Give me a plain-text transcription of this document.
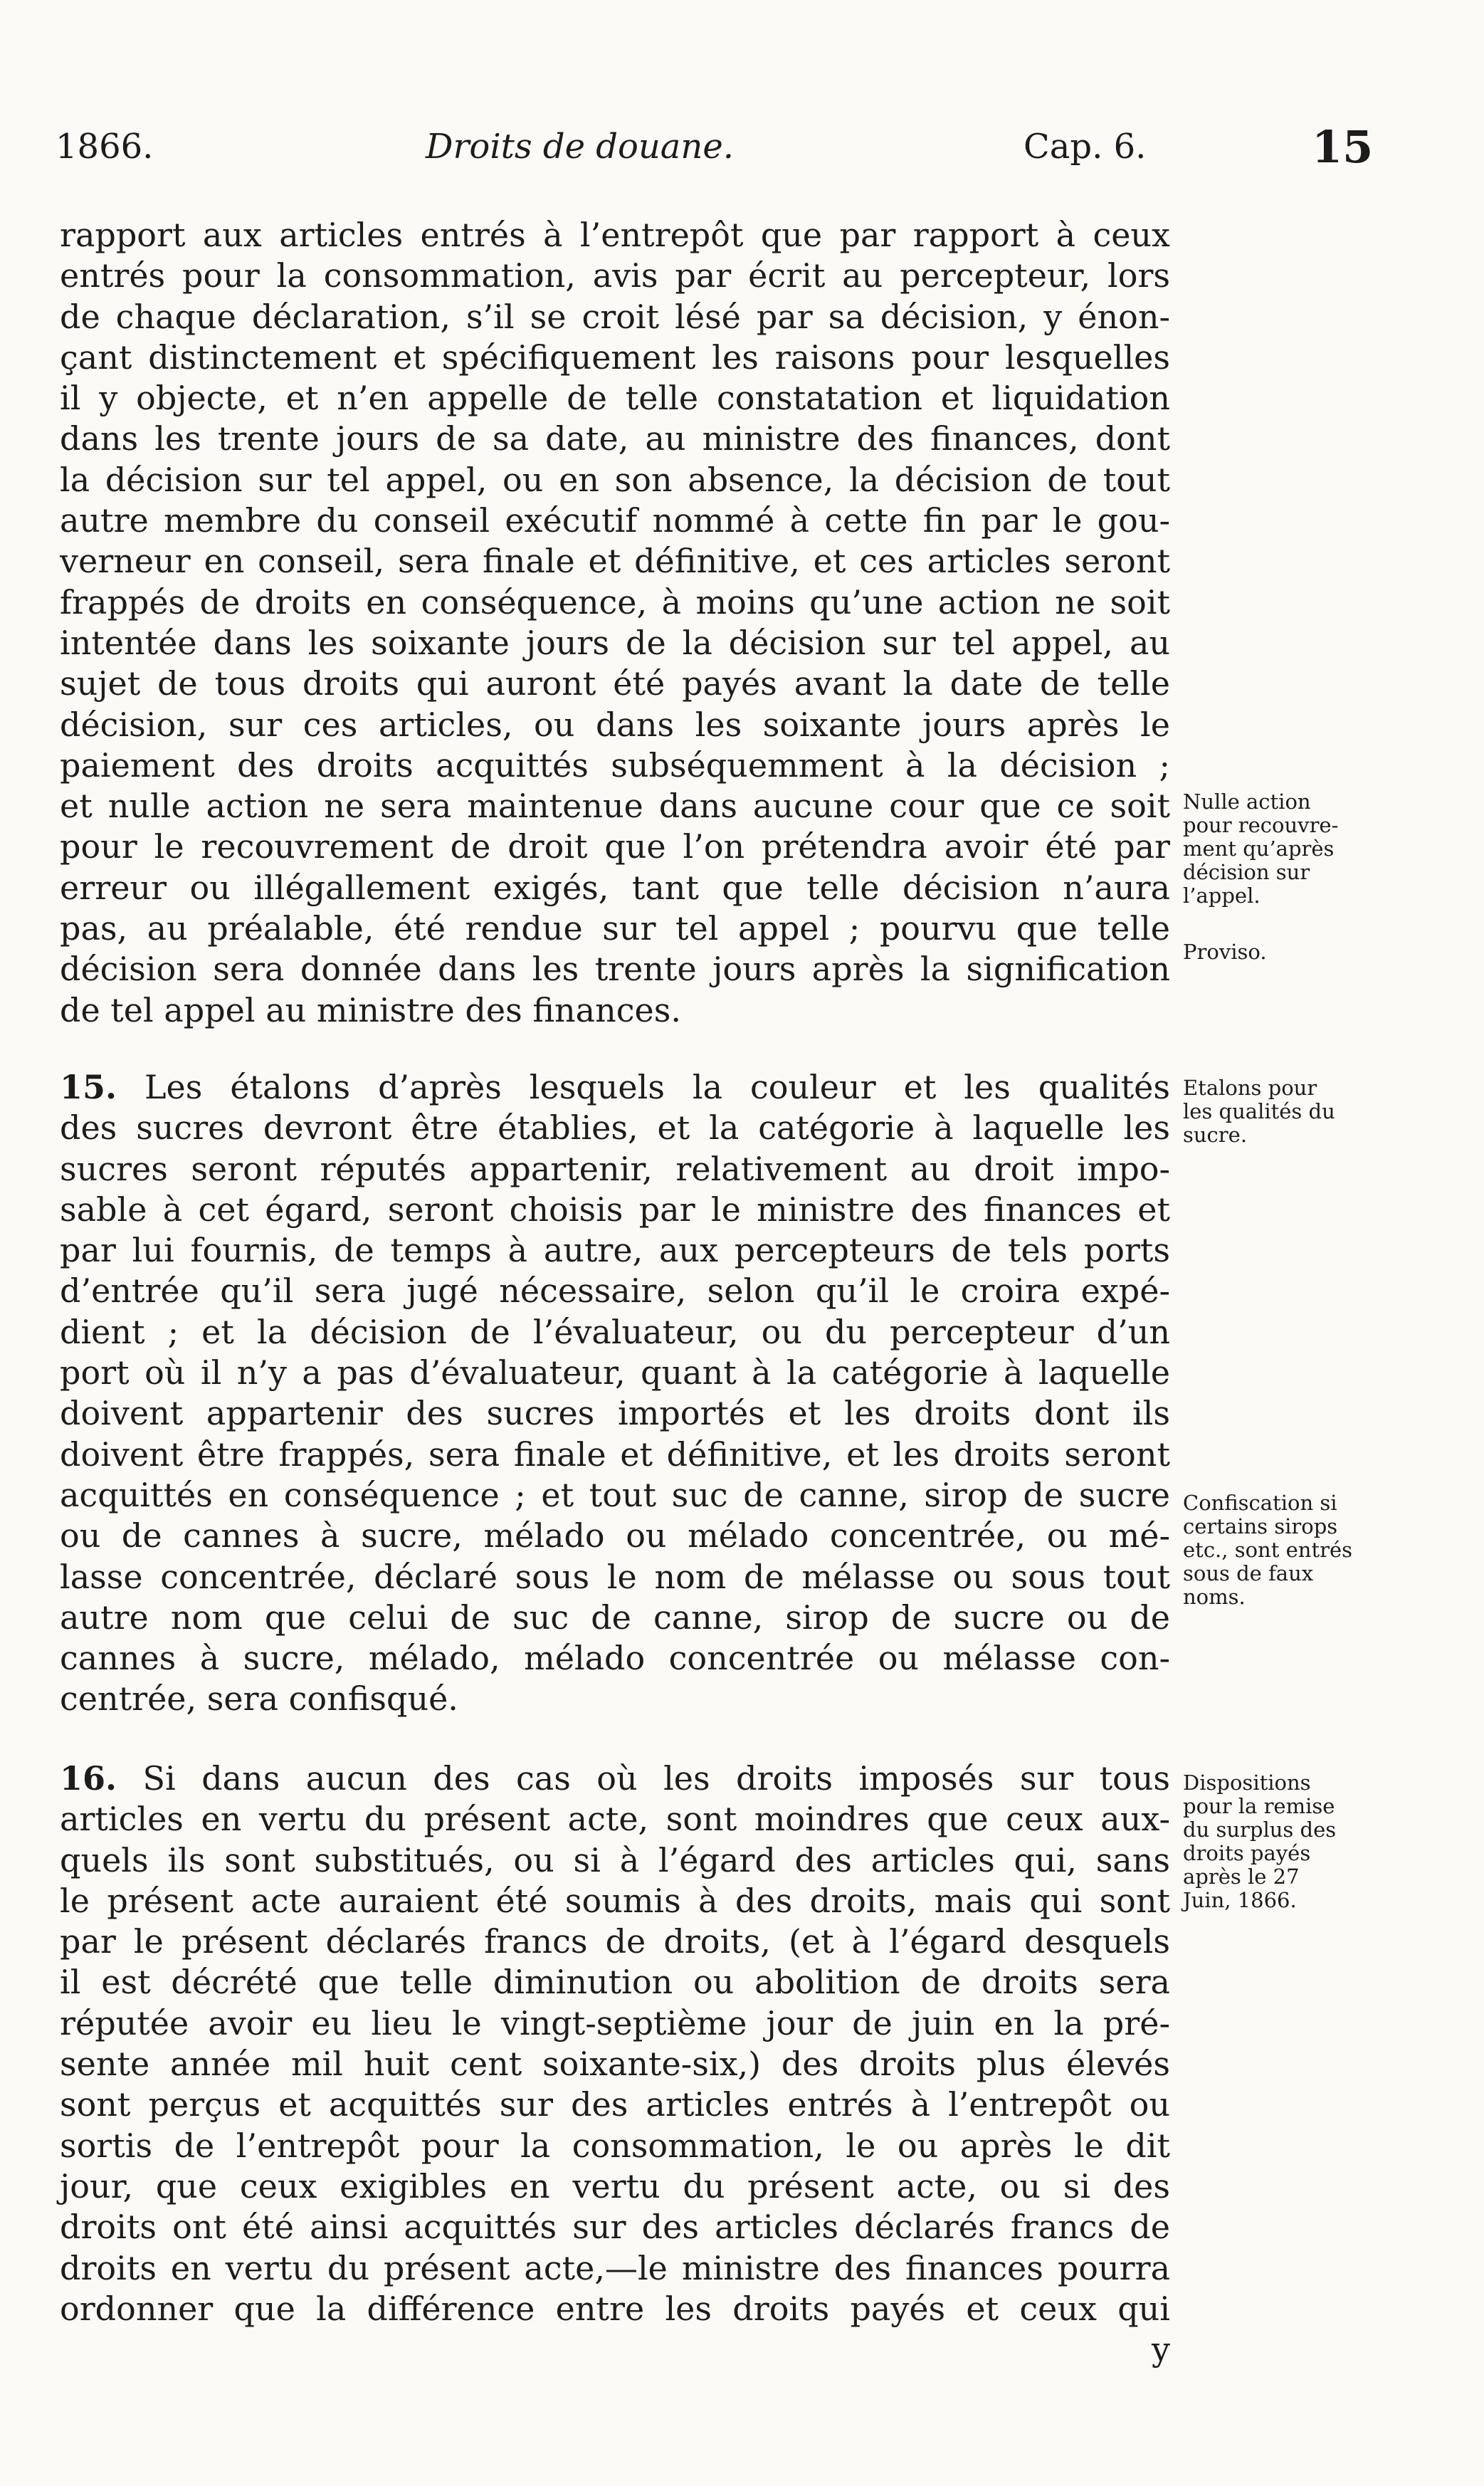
1866.	Droits de douane.	Cap. 6.	15
rapport aux articles entrés à l’entrepôt que par rapport à ceux
entrés pour la consommation, avis par écrit au percepteur, lors
de chaque déclaration, s’il se croit lésé par sa décision, y énon-
çant distinctement et spécifiquement les raisons pour lesquelles
il y objecte, et n’en appelle de telle constatation et liquidation
dans les trente jours de sa date, au ministre des finances, dont
la décision sur tel appel, ou en son absence, la décision de tout
autre membre du conseil exécutif nommé à cette fin par le gou-
verneur en conseil, sera finale et définitive, et ces articles seront
frappés de droits en conséquence, à moins qu’une action ne soit
intentée dans les soixante jours de la décision sur tel appel, au
sujet de tous droits qui auront été payés avant la date de telle
décision, sur ces articles, ou dans les soixante jours après le
paiement des droits acquittés subséquemment à la décision ;
et nulle action ne sera maintenue dans aucune cour que ce soit
pour le recouvrement de droit que l’on prétendra avoir été par
erreur ou illégallement exigés, tant que telle décision n’aura
pas, au préalable, été rendue sur tel appel ; pourvu que telle
décision sera donnée dans les trente jours après la signification
de tel appel au ministre des finances.
15. Les étalons d’après lesquels la couleur et les qualités
des sucres devront être établies, et la catégorie à laquelle les
sucres seront réputés appartenir, relativement au droit impo-
sable à cet égard, seront choisis par le ministre des finances et
par lui fournis, de temps à autre, aux percepteurs de tels ports
d’entrée qu’il sera jugé nécessaire, selon qu’il le croira expé-
dient ; et la décision de l’évaluateur, ou du percepteur d’un
port où il n’y a pas d’évaluateur, quant à la catégorie à laquelle
doivent appartenir des sucres importés et les droits dont ils
doivent être frappés, sera finale et définitive, et les droits seront
acquittés en conséquence ; et tout suc de canne, sirop de sucre
ou de cannes à sucre, mélado ou mélado concentrée, ou mé-
lasse concentrée, déclaré sous le nom de mélasse ou sous tout
autre nom que celui de suc de canne, sirop de sucre ou de
cannes à sucre, mélado, mélado concentrée ou mélasse con-
centrée, sera confisqué.
16. Si dans aucun des cas où les droits imposés sur tous
articles en vertu du présent acte, sont moindres que ceux aux-
quels ils sont substitués, ou si à l’égard des articles qui, sans
le présent acte auraient été soumis à des droits, mais qui sont
par le présent déclarés francs de droits, (et à l’égard desquels
il est décrété que telle diminution ou abolition de droits sera
réputée avoir eu lieu le vingt-septième jour de juin en la pré-
sente année mil huit cent soixante-six,) des droits plus élevés
sont perçus et acquittés sur des articles entrés à l’entrepôt ou
sortis de l’entrepôt pour la consommation, le ou après le dit
jour, que ceux exigibles en vertu du présent acte, ou si des
droits ont été ainsi acquittés sur des articles déclarés francs de
droits en vertu du présent acte,—le ministre des finances pourra
ordonner que la différence entre les droits payés et ceux qui
y
Nulle action
pour recouvre-
ment qu’après
décision sur
l’appel.
Proviso.
Etalons pour
les qualités du
sucre.
Confiscation si
certains sirops
etc., sont entrés
sous de faux
noms.
Dispositions
pour la remise
du surplus des
droits payés
après le 27
Juin, 1866.
